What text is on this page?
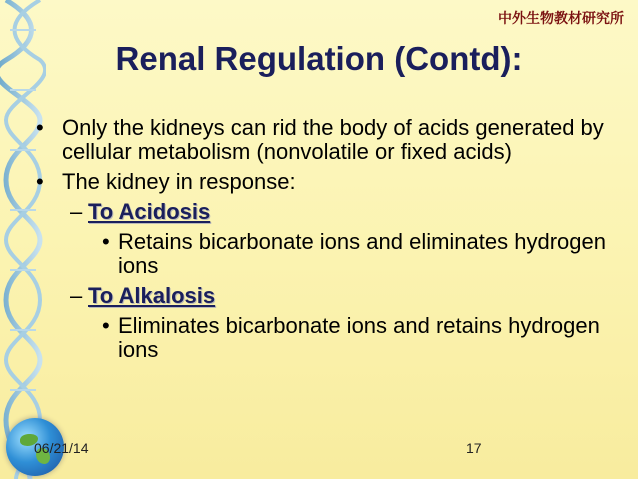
中外生物教材研究所
Renal Regulation (Contd):
• Only the kidneys can rid the body of acids generated by cellular metabolism (nonvolatile or fixed acids)
• The kidney in response:
– To Acidosis
• Retains bicarbonate ions and eliminates hydrogen ions
– To Alkalosis
• Eliminates bicarbonate ions and retains hydrogen ions
06/21/14	17
